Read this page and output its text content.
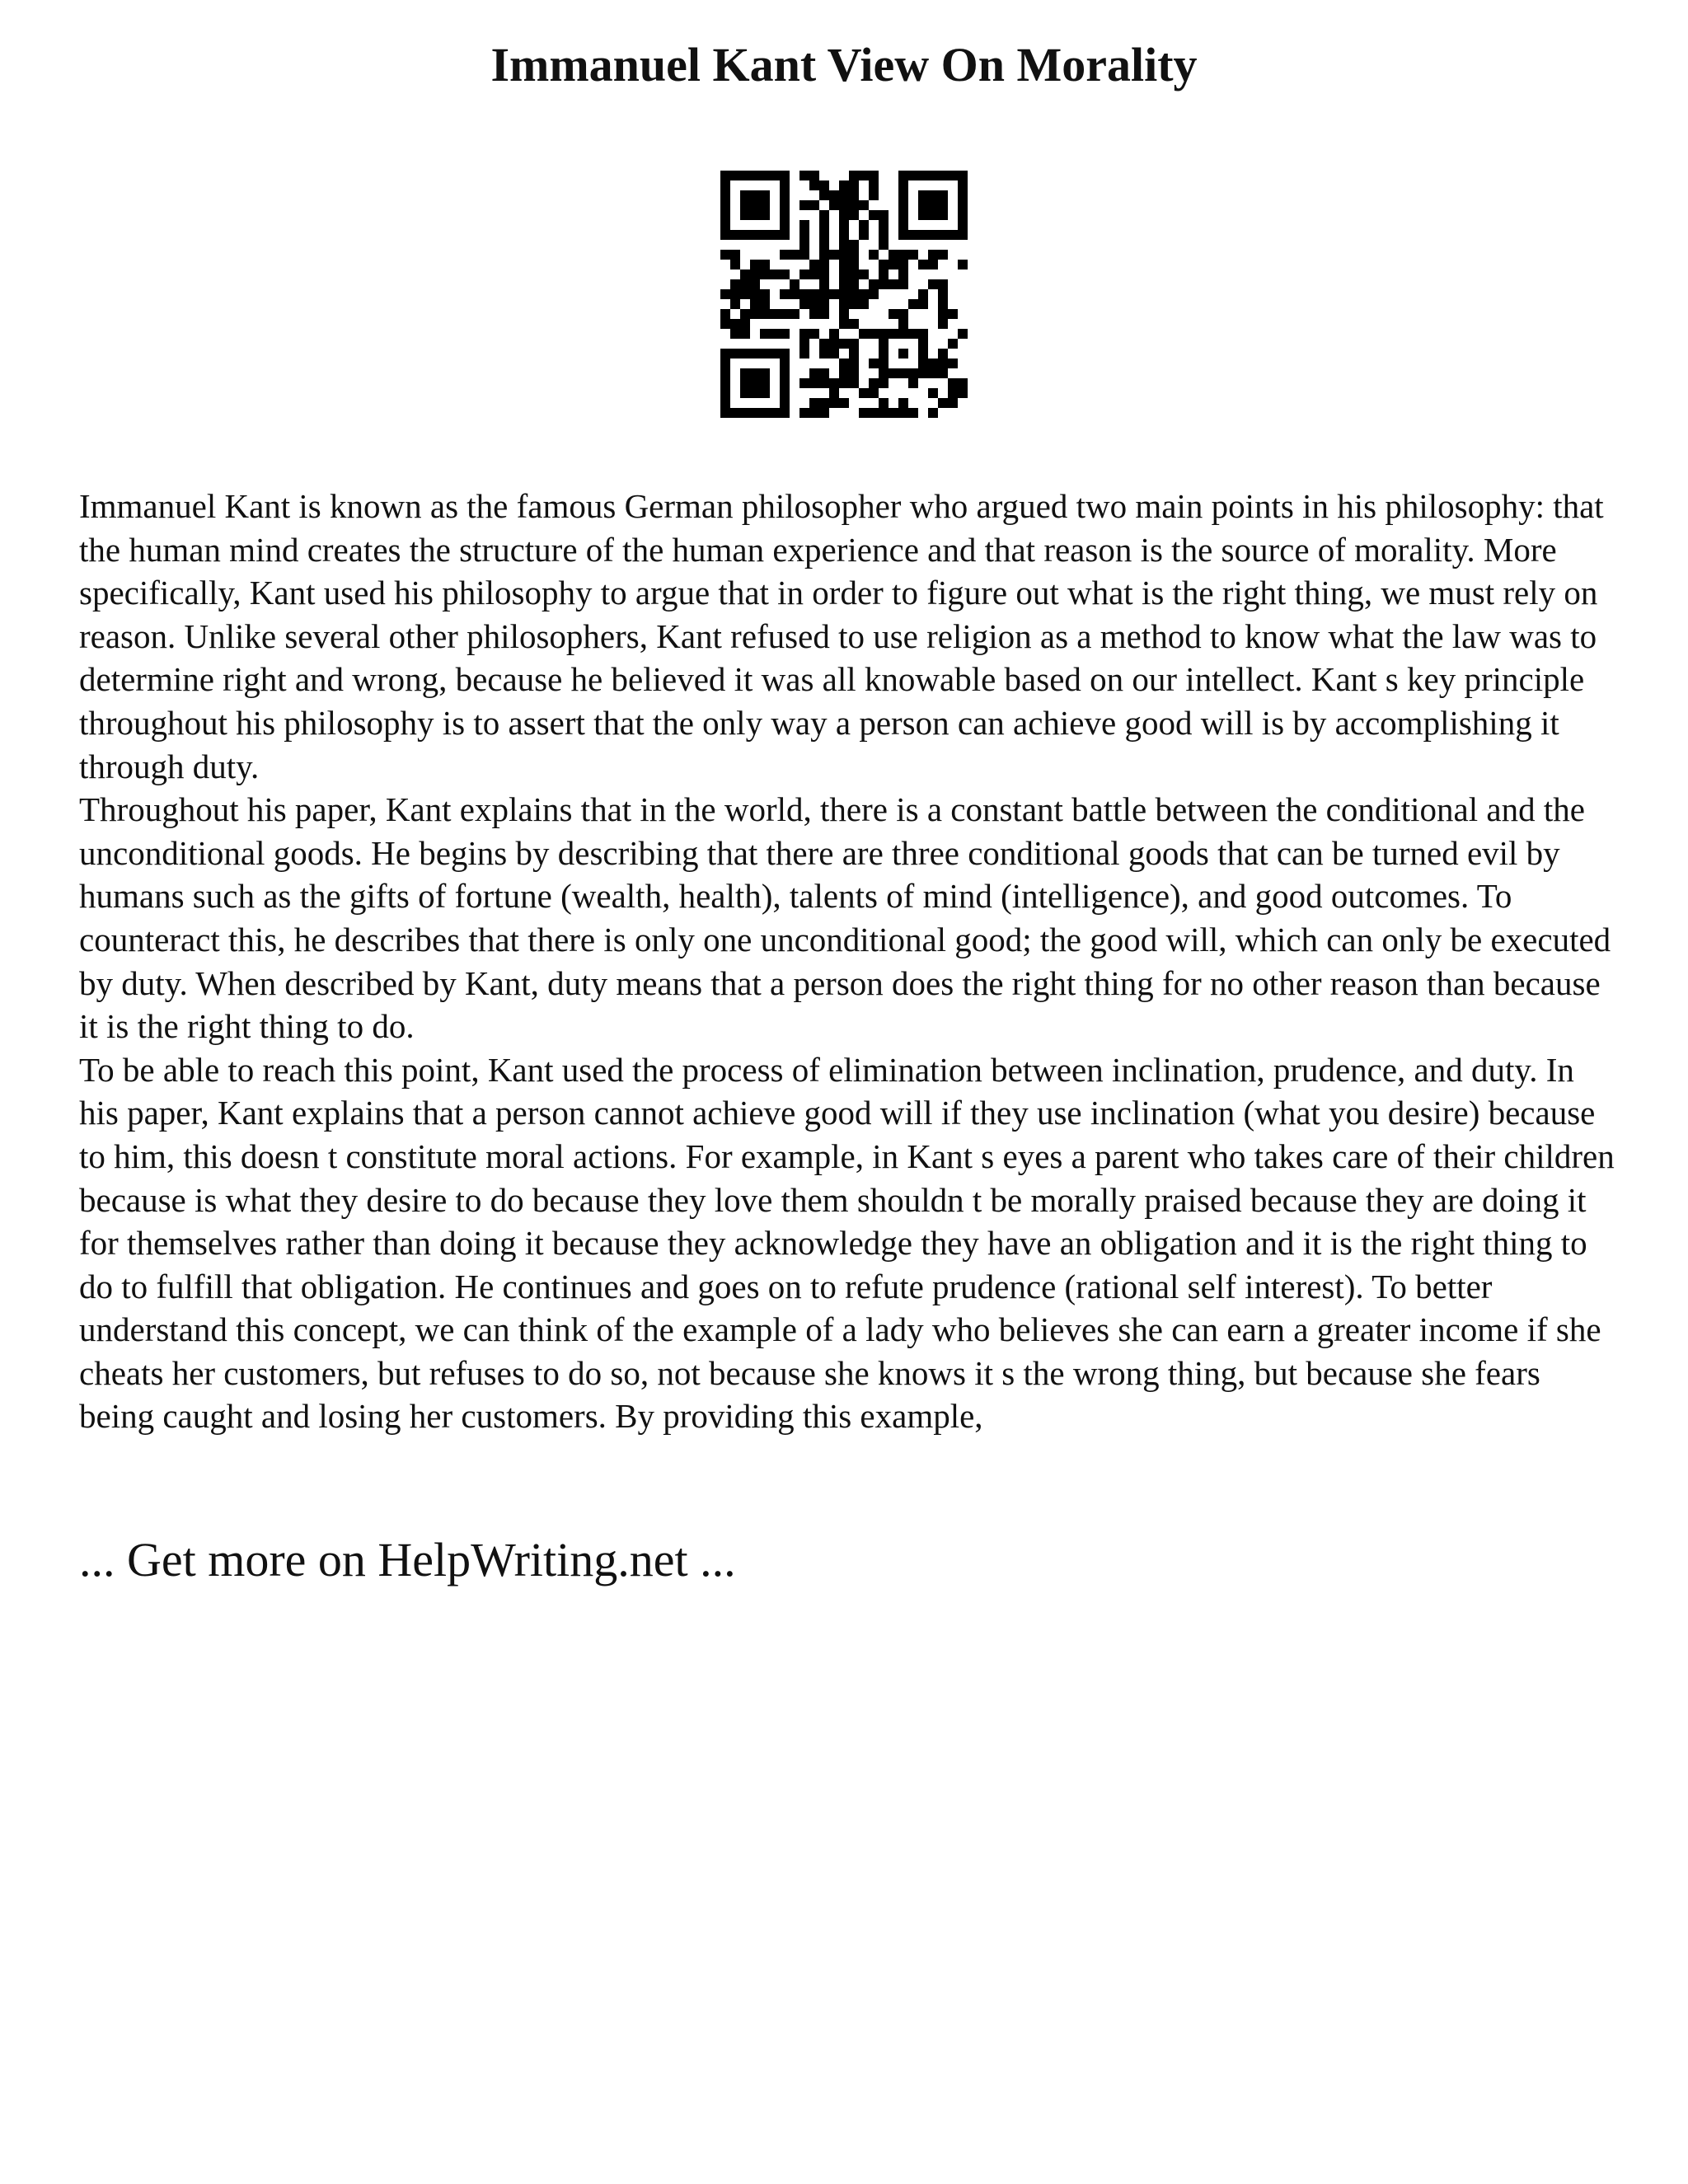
Immanuel Kant View On Morality

Immanuel Kant is known as the famous German philosopher who argued two main points in his philosophy: that the human mind creates the structure of the human experience and that reason is the source of morality. More specifically, Kant used his philosophy to argue that in order to figure out what is the right thing, we must rely on reason. Unlike several other philosophers, Kant refused to use religion as a method to know what the law was to determine right and wrong, because he believed it was all knowable based on our intellect. Kant s key principle throughout his philosophy is to assert that the only way a person can achieve good will is by accomplishing it through duty.

Throughout his paper, Kant explains that in the world, there is a constant battle between the conditional and the unconditional goods. He begins by describing that there are three conditional goods that can be turned evil by humans such as the gifts of fortune (wealth, health), talents of mind (intelligence), and good outcomes. To counteract this, he describes that there is only one unconditional good; the good will, which can only be executed by duty. When described by Kant, duty means that a person does the right thing for no other reason than because it is the right thing to do.

To be able to reach this point, Kant used the process of elimination between inclination, prudence, and duty. In his paper, Kant explains that a person cannot achieve good will if they use inclination (what you desire) because to him, this doesn t constitute moral actions. For example, in Kant s eyes a parent who takes care of their children because is what they desire to do because they love them shouldn t be morally praised because they are doing it for themselves rather than doing it because they acknowledge they have an obligation and it is the right thing to do to fulfill that obligation. He continues and goes on to refute prudence (rational self interest). To better understand this concept, we can think of the example of a lady who believes she can earn a greater income if she cheats her customers, but refuses to do so, not because she knows it s the wrong thing, but because she fears being caught and losing her customers. By providing this example,

... Get more on HelpWriting.net ...
